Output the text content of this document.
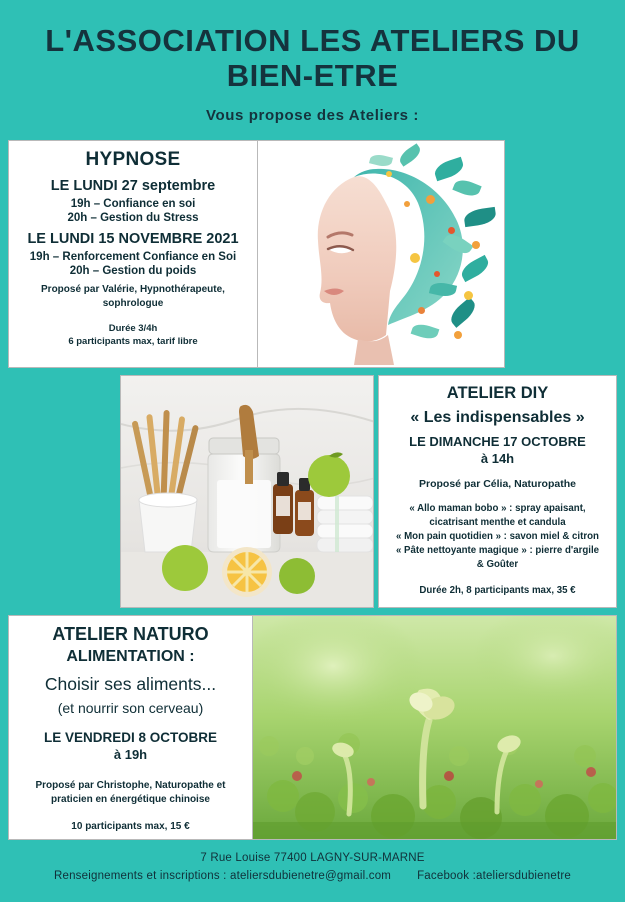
L'ASSOCIATION LES ATELIERS DU BIEN-ETRE
Vous propose des Ateliers :
HYPNOSE
LE LUNDI 27 septembre
19h – Confiance en soi
20h – Gestion du Stress
LE LUNDI 15 NOVEMBRE 2021
19h – Renforcement Confiance en Soi
20h – Gestion du poids
Proposé par Valérie, Hypnothérapeute, sophrologue
Durée 3/4h
6 participants max, tarif libre
ATELIER DIY
« Les indispensables »
LE DIMANCHE 17 OCTOBRE
à 14h
Proposé par Célia, Naturopathe
« Allo maman bobo » : spray apaisant,
cicatrisant menthe et candula
« Mon pain quotidien » : savon miel & citron
« Pâte nettoyante magique » : pierre d'argile
& Goûter
Durée 2h, 8 participants max, 35 €
ATELIER NATURO
ALIMENTATION :
Choisir ses aliments...
(et nourrir son cerveau)
LE VENDREDI 8 OCTOBRE
à 19h
Proposé par Christophe, Naturopathe et
praticien en énergétique chinoise
10 participants max, 15 €
7 Rue Louise 77400 LAGNY-SUR-MARNE
Renseignements et inscriptions : ateliersdubienetre@gmail.com Facebook :ateliersdubienetre
